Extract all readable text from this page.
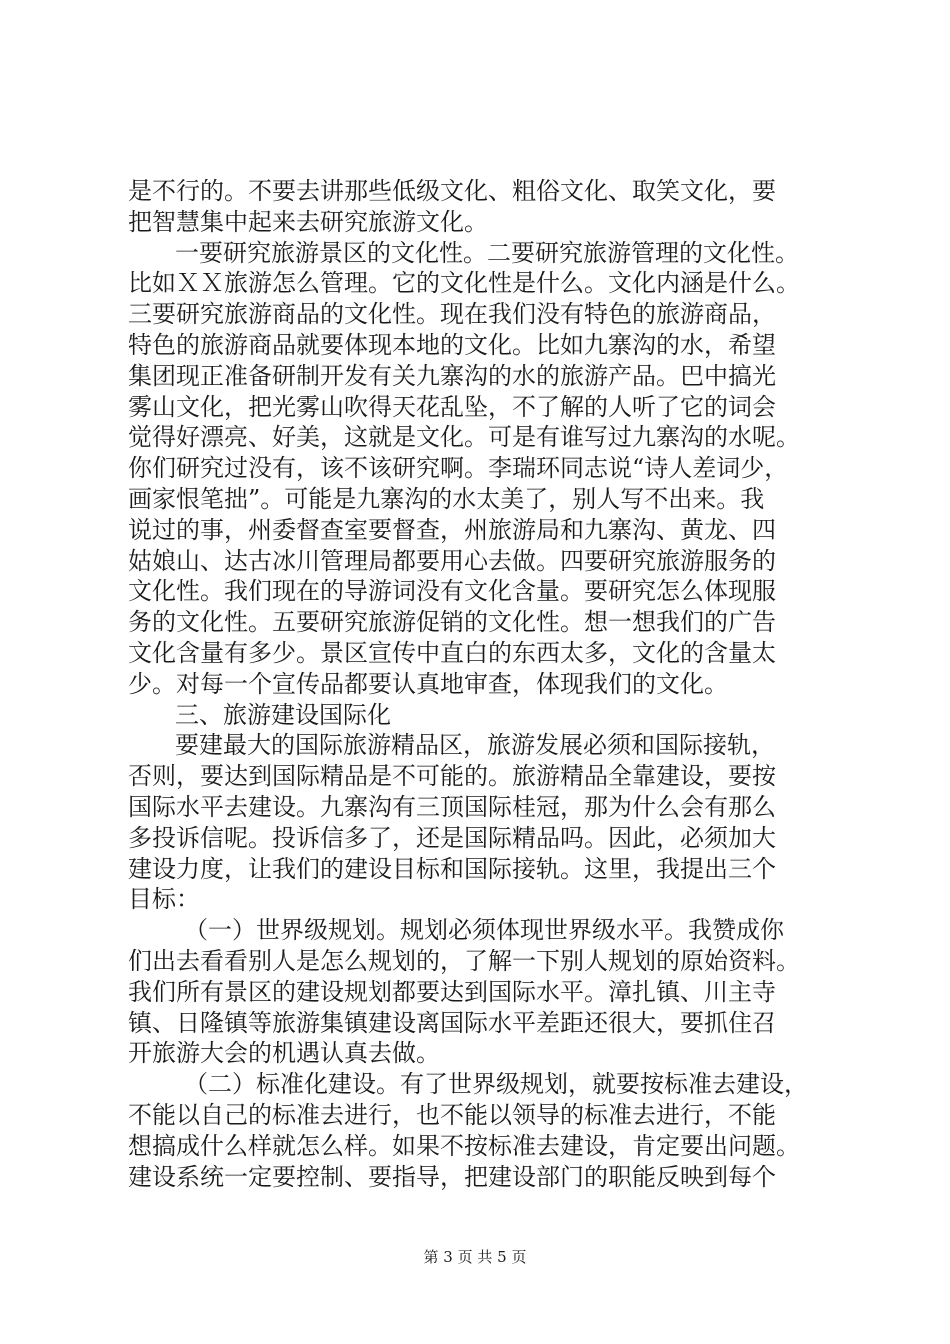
是不行的。不要去讲那些低级文化、粗俗文化、取笑文化，要
把智慧集中起来去研究旅游文化。
一要研究旅游景区的文化性。二要研究旅游管理的文化性。
比如ＸＸ旅游怎么管理。它的文化性是什么。文化内涵是什么。
三要研究旅游商品的文化性。现在我们没有特色的旅游商品，
特色的旅游商品就要体现本地的文化。比如九寨沟的水，希望
集团现正准备研制开发有关九寨沟的水的旅游产品。巴中搞光
雾山文化，把光雾山吹得天花乱坠，不了解的人听了它的词会
觉得好漂亮、好美，这就是文化。可是有谁写过九寨沟的水呢。
你们研究过没有，该不该研究啊。李瑞环同志说“诗人差词少，
画家恨笔拙”。可能是九寨沟的水太美了，别人写不出来。我
说过的事，州委督查室要督查，州旅游局和九寨沟、黄龙、四
姑娘山、达古冰川管理局都要用心去做。四要研究旅游服务的
文化性。我们现在的导游词没有文化含量。要研究怎么体现服
务的文化性。五要研究旅游促销的文化性。想一想我们的广告
文化含量有多少。景区宣传中直白的东西太多，文化的含量太
少。对每一个宣传品都要认真地审查，体现我们的文化。
三、旅游建设国际化
要建最大的国际旅游精品区，旅游发展必须和国际接轨，
否则，要达到国际精品是不可能的。旅游精品全靠建设，要按
国际水平去建设。九寨沟有三顶国际桂冠，那为什么会有那么
多投诉信呢。投诉信多了，还是国际精品吗。因此，必须加大
建设力度，让我们的建设目标和国际接轨。这里，我提出三个
目标：
（一）世界级规划。规划必须体现世界级水平。我赞成你
们出去看看别人是怎么规划的，了解一下别人规划的原始资料。
我们所有景区的建设规划都要达到国际水平。漳扎镇、川主寺
镇、日隆镇等旅游集镇建设离国际水平差距还很大，要抓住召
开旅游大会的机遇认真去做。
（二）标准化建设。有了世界级规划，就要按标准去建设，
不能以自己的标准去进行，也不能以领导的标准去进行，不能
想搞成什么样就怎么样。如果不按标准去建设，肯定要出问题。
建设系统一定要控制、要指导，把建设部门的职能反映到每个
第 3 页 共 5 页
